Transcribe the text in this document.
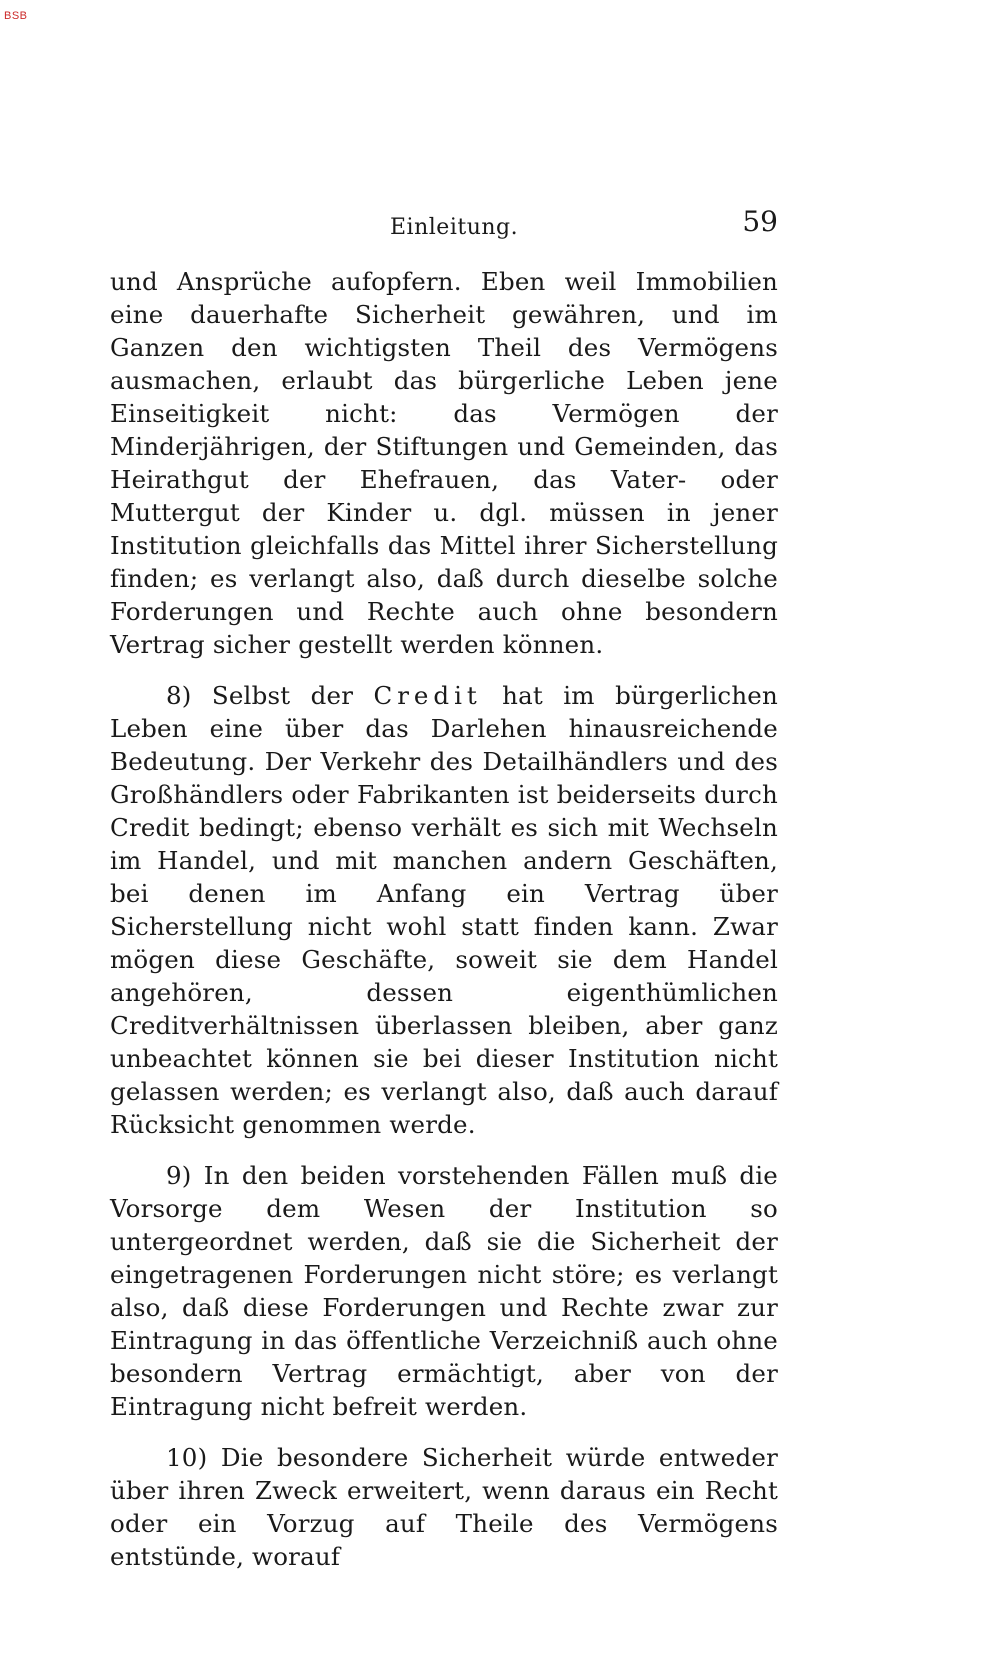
BSB
Einleitung.	59

und Ansprüche aufopfern. Eben weil Immobilien eine dauerhafte Sicherheit gewähren, und im Ganzen den wichtigsten Theil des Vermögens ausmachen, erlaubt das bürgerliche Leben jene Einseitigkeit nicht: das Vermögen der Minderjährigen, der Stiftungen und Gemeinden, das Heirathgut der Ehefrauen, das Vater- oder Muttergut der Kinder u. dgl. müssen in jener Institution gleichfalls das Mittel ihrer Sicherstellung finden; es verlangt also, daß durch dieselbe solche Forderungen und Rechte auch ohne besondern Vertrag sicher gestellt werden können.

8) Selbst der Credit hat im bürgerlichen Leben eine über das Darlehen hinausreichende Bedeutung. Der Verkehr des Detailhändlers und des Großhändlers oder Fabrikanten ist beiderseits durch Credit bedingt; ebenso verhält es sich mit Wechseln im Handel, und mit manchen andern Geschäften, bei denen im Anfang ein Vertrag über Sicherstellung nicht wohl statt finden kann. Zwar mögen diese Geschäfte, soweit sie dem Handel angehören, dessen eigenthümlichen Creditverhältnissen überlassen bleiben, aber ganz unbeachtet können sie bei dieser Institution nicht gelassen werden; es verlangt also, daß auch darauf Rücksicht genommen werde.

9) In den beiden vorstehenden Fällen muß die Vorsorge dem Wesen der Institution so untergeordnet werden, daß sie die Sicherheit der eingetragenen Forderungen nicht störe; es verlangt also, daß diese Forderungen und Rechte zwar zur Eintragung in das öffentliche Verzeichniß auch ohne besondern Vertrag ermächtigt, aber von der Eintragung nicht befreit werden.

10) Die besondere Sicherheit würde entweder über ihren Zweck erweitert, wenn daraus ein Recht oder ein Vorzug auf Theile des Vermögens entstünde, worauf
